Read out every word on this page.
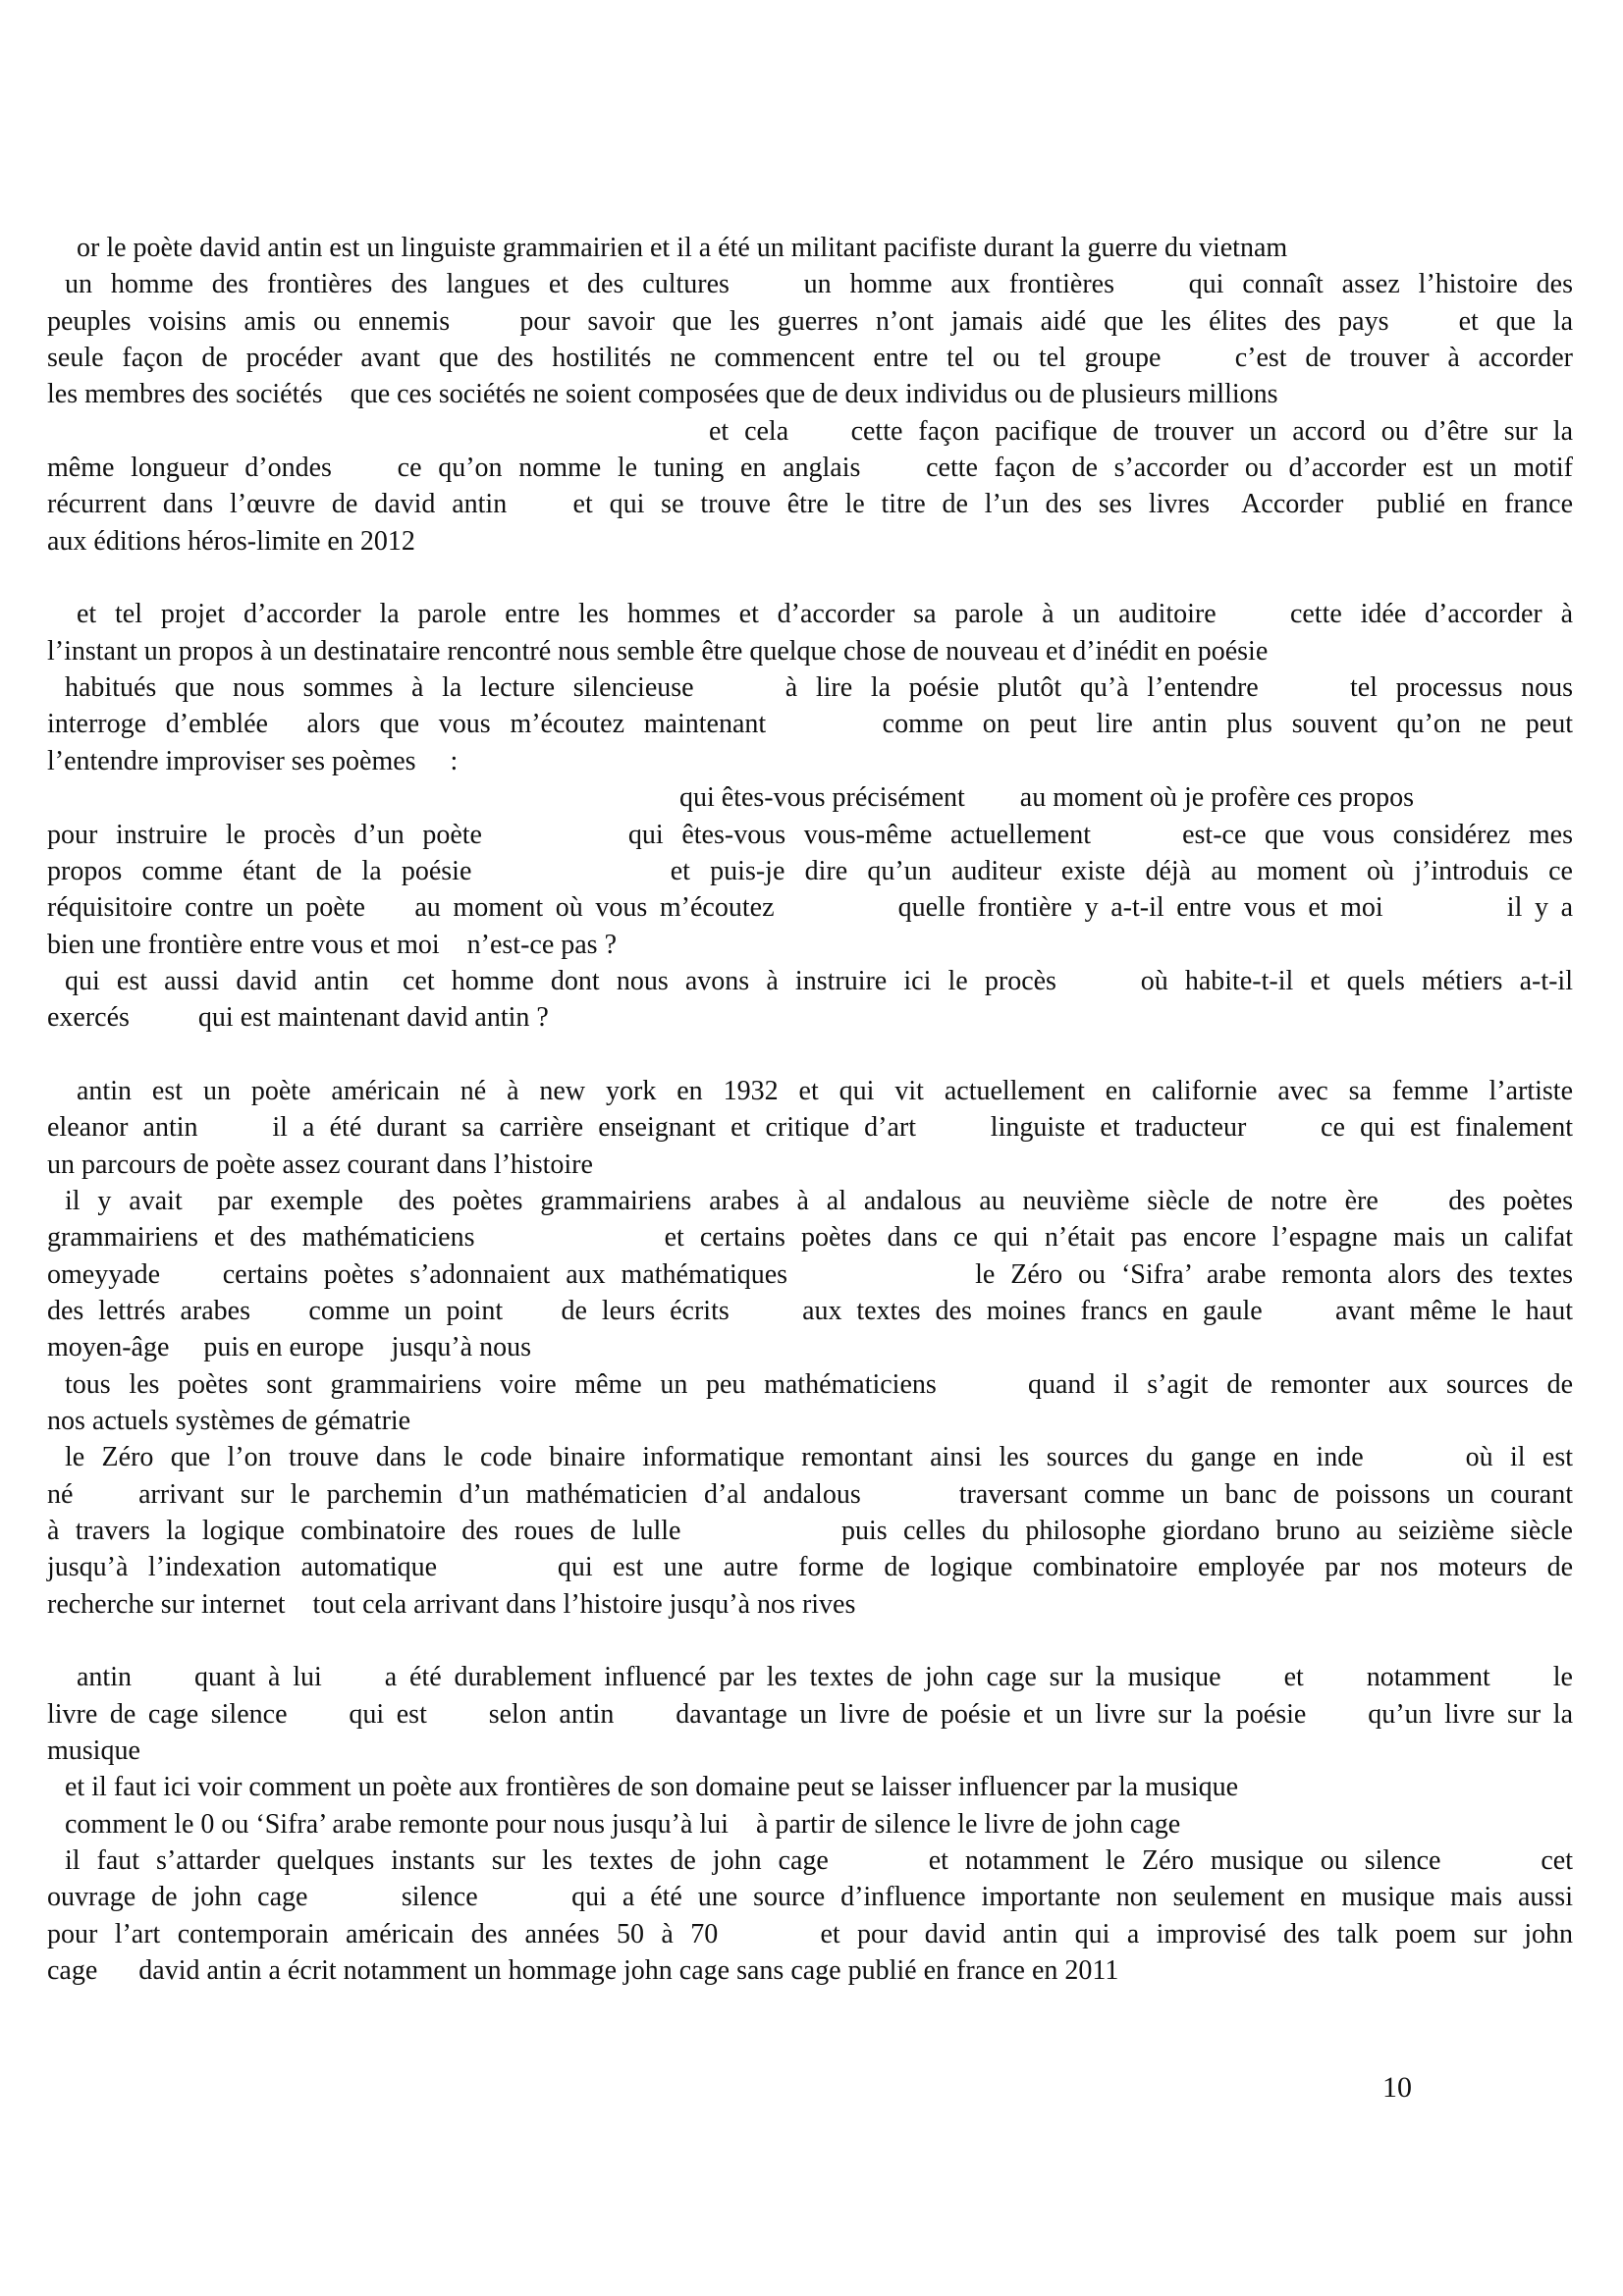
or le poète david antin est un linguiste grammairien et il a été un militant pacifiste durant la guerre du vietnam
un homme des frontières des langues et des cultures    un homme aux frontières    qui connaît assez l’histoire des
peuples voisins amis ou ennemis    pour savoir que les guerres n’ont jamais aidé que les élites des pays    et que la
seule façon de procéder avant que des hostilités ne commencent entre tel ou tel groupe    c’est de trouver à accorder
les membres des sociétés    que ces sociétés ne soient composées que de deux individus ou de plusieurs millions
et cela    cette façon pacifique de trouver un accord ou d’être sur la
même longueur d’ondes    ce qu’on nomme le tuning en anglais    cette façon de s’accorder ou d’accorder est un motif
récurrent dans l’œuvre de david antin    et qui se trouve être le titre de l’un des ses livres  Accorder  publié en france
aux éditions héros-limite en 2012
et tel projet d’accorder la parole entre les hommes et d’accorder sa parole à un auditoire    cette idée d’accorder à
l’instant un propos à un destinataire rencontré nous semble être quelque chose de nouveau et d’inédit en poésie
habitués que nous sommes à la lecture silencieuse     à lire la poésie plutôt qu’à l’entendre     tel processus nous
interroge d’emblée  alors que vous m’écoutez maintenant      comme on peut lire antin plus souvent qu’on ne peut
l’entendre improviser ses poèmes     :
qui êtes-vous précisément        au moment où je profère ces propos
pour instruire le procès d’un poète        qui êtes-vous vous-même actuellement     est-ce que vous considérez mes
propos comme étant de la poésie          et puis-je dire qu’un auditeur existe déjà au moment où j’introduis ce
réquisitoire contre un poète    au moment où vous m’écoutez          quelle frontière y a-t-il entre vous et moi          il y a
bien une frontière entre vous et moi    n’est-ce pas ?
qui est aussi david antin  cet homme dont nous avons à instruire ici le procès     où habite-t-il et quels métiers a-t-il
exercés          qui est maintenant david antin ?
antin est un poète américain né à new york en 1932 et qui vit actuellement en californie avec sa femme l’artiste
eleanor antin     il a été durant sa carrière enseignant et critique d’art     linguiste et traducteur     ce qui est finalement
un parcours de poète assez courant dans l’histoire
il y avait  par exemple  des poètes grammairiens arabes à al andalous au neuvième siècle de notre ère    des poètes
grammairiens et des mathématiciens            et certains poètes dans ce qui n’était pas encore l’espagne mais un califat
omeyyade    certains poètes s’adonnaient aux mathématiques            le Zéro ou ‘Sifra’ arabe remonta alors des textes
des lettrés arabes    comme un point    de leurs écrits     aux textes des moines francs en gaule     avant même le haut
moyen-âge     puis en europe    jusqu’à nous
tous les poètes sont grammairiens voire même un peu mathématiciens     quand il s’agit de remonter aux sources de
nos actuels systèmes de gématrie
le Zéro que l’on trouve dans le code binaire informatique remontant ainsi les sources du gange en inde      où il est
né    arrivant sur le parchemin d’un mathématicien d’al andalous      traversant comme un banc de poissons un courant
à travers la logique combinatoire des roues de lulle          puis celles du philosophe giordano bruno au seizième siècle
jusqu’à l’indexation automatique      qui est une autre forme de logique combinatoire employée par nos moteurs de
recherche sur internet    tout cela arrivant dans l’histoire jusqu’à nos rives
antin     quant à lui     a été durablement influencé par les textes de john cage sur la musique     et     notamment     le
livre de cage silence     qui est     selon antin     davantage un livre de poésie et un livre sur la poésie     qu’un livre sur la
musique
et il faut ici voir comment un poète aux frontières de son domaine peut se laisser influencer par la musique
comment le 0 ou ‘Sifra’ arabe remonte pour nous jusqu’à lui    à partir de silence le livre de john cage
il faut s’attarder quelques instants sur les textes de john cage      et notamment le Zéro musique ou silence      cet
ouvrage de john cage      silence      qui a été une source d’influence importante non seulement en musique mais aussi
pour l’art contemporain américain des années 50 à 70      et pour david antin qui a improvisé des talk poem sur john
cage      david antin a écrit notamment un hommage john cage sans cage publié en france en 2011
10
